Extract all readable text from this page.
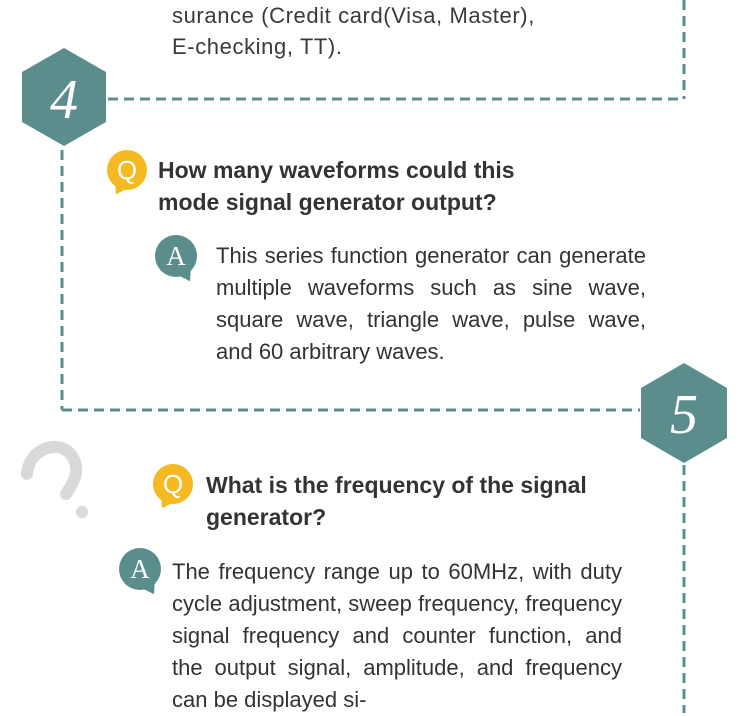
4
5
surance (Credit card(Visa, Master),
E-checking, TT).
Q How many waveforms could this
mode signal generator output?
A	This series function generator can generate multiple waveforms such as sine wave, square wave, triangle wave, pulse wave, and 60 arbitrary waves.
Q What is the frequency of the signal
generator?
A	The frequency range up to 60MHz, with duty cycle adjustment, sweep frequency, frequency signal frequency and counter function, and the output signal, amplitude, and frequency can be displayed si-
